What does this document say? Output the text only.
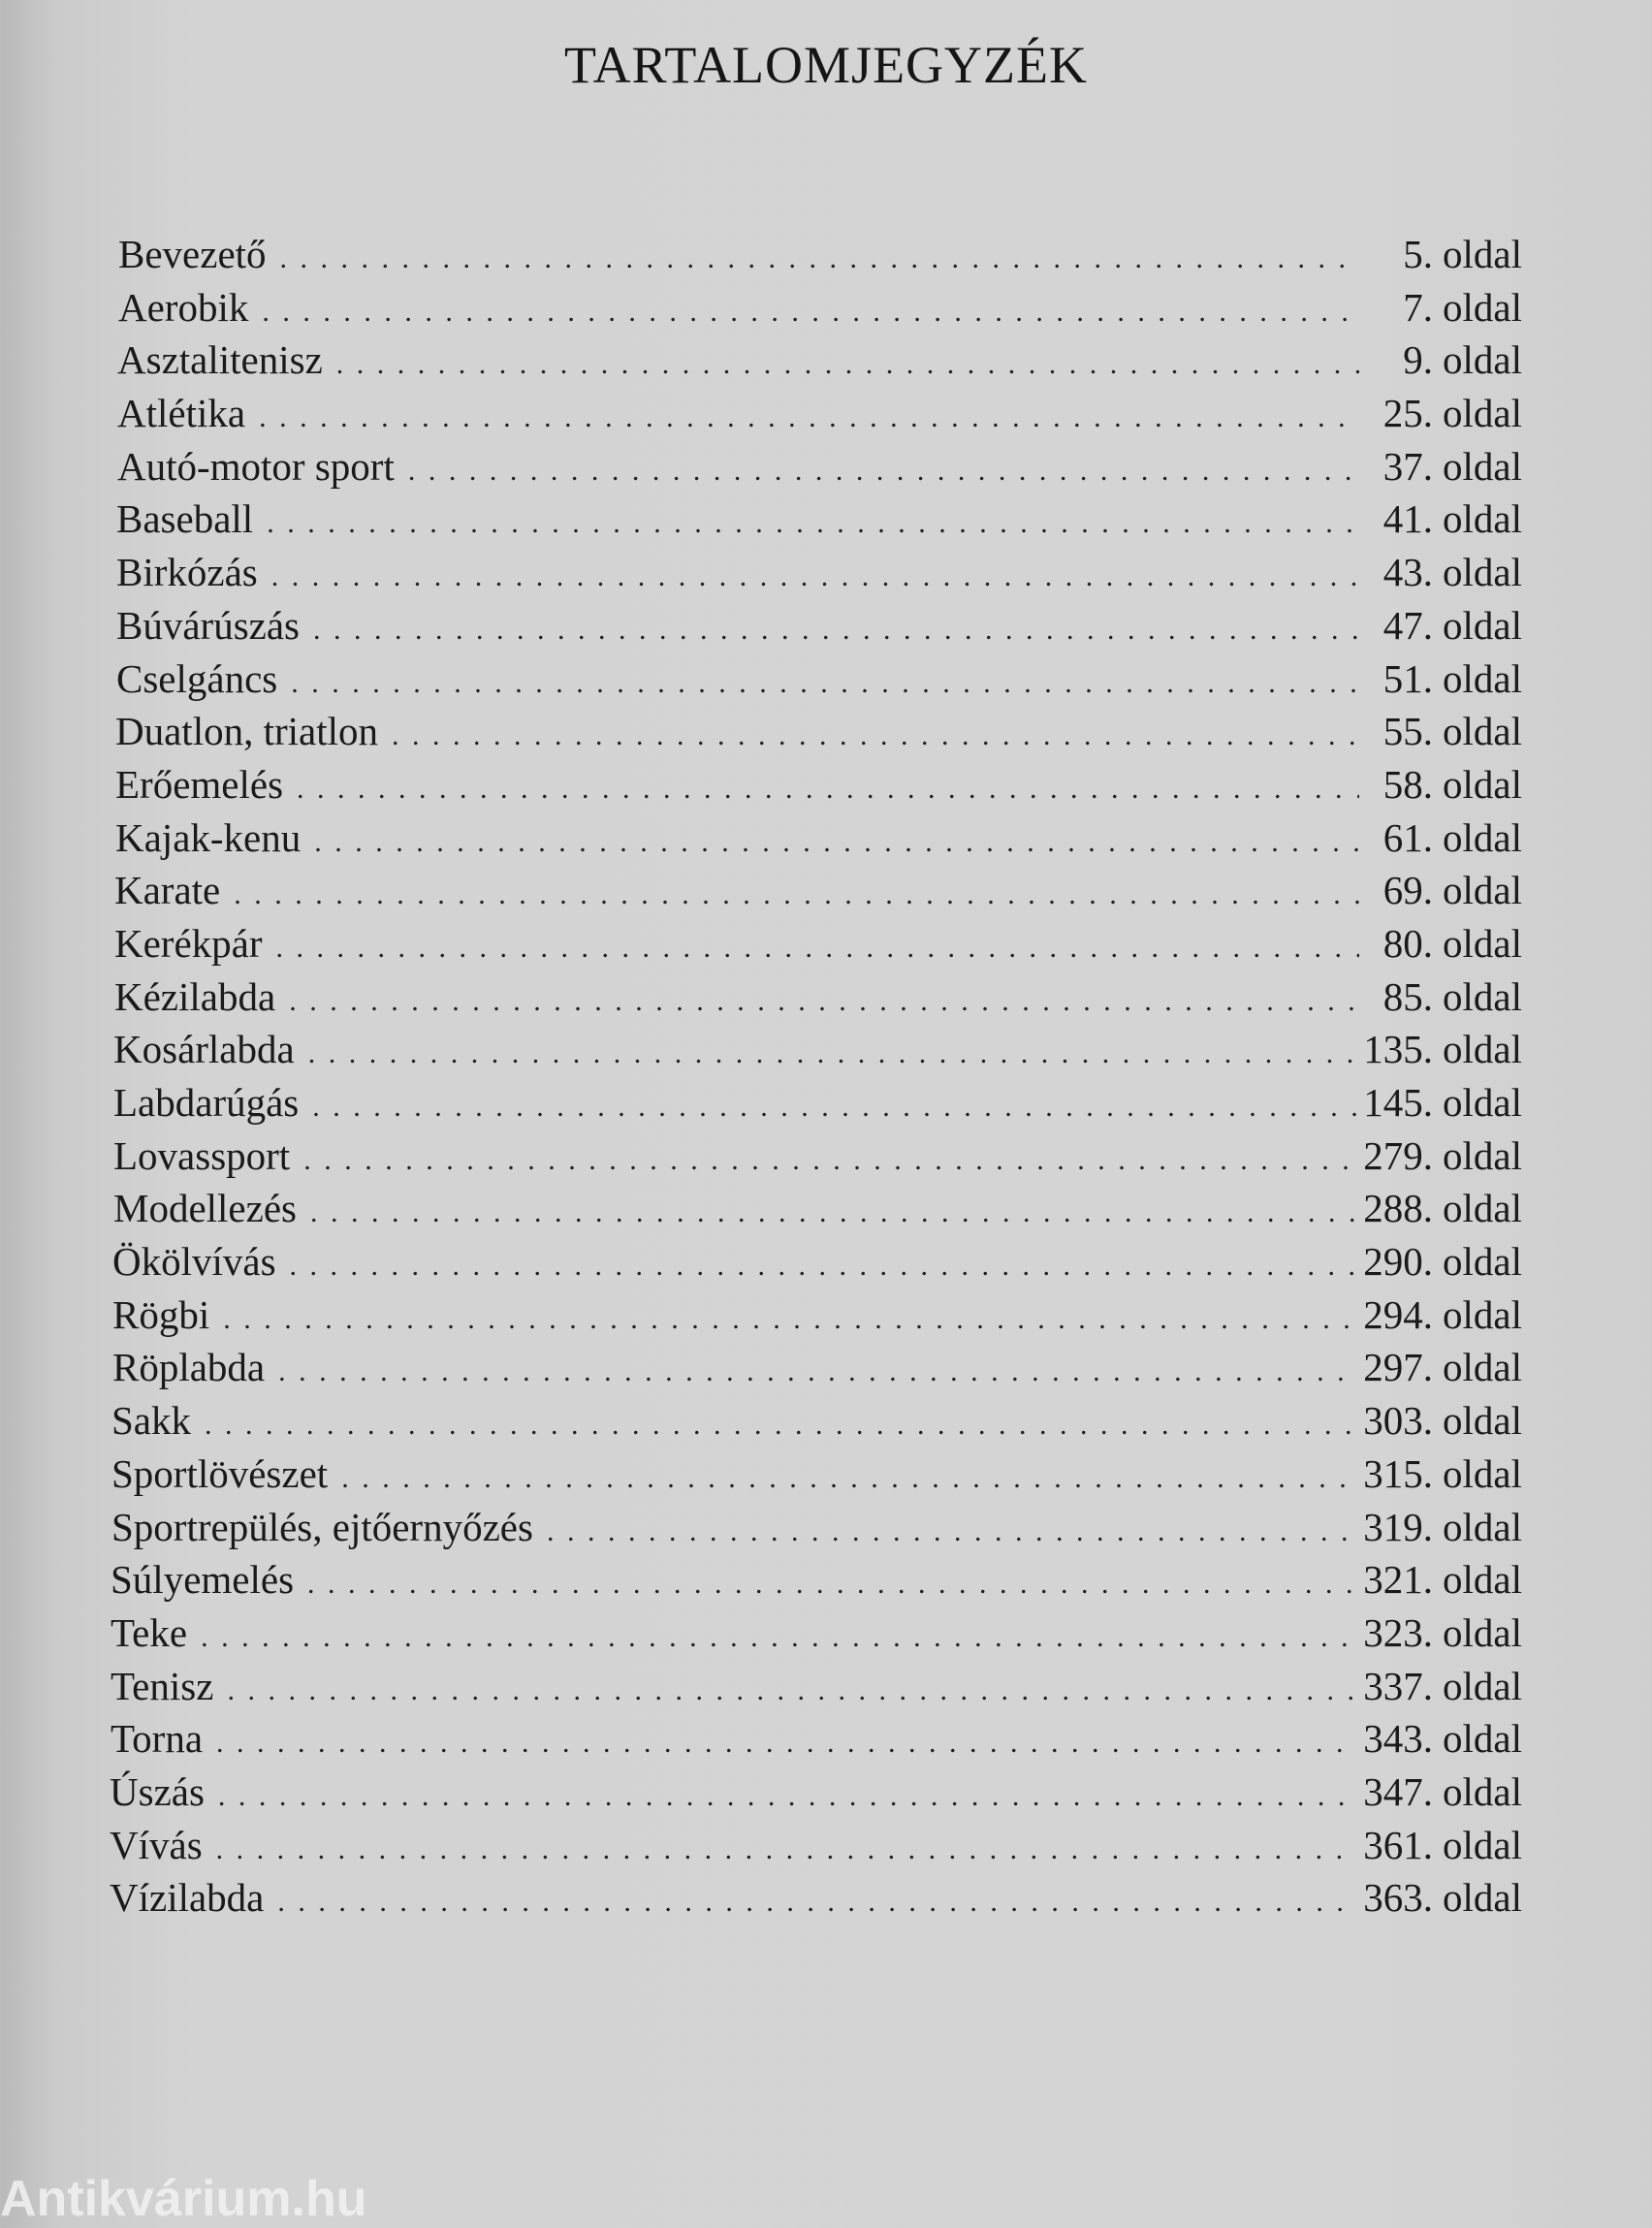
TARTALOMJEGYZÉK
Bevezető . . .	5. oldal
Aerobik . . .	7. oldal
Asztalitenisz . . .	9. oldal
Atlétika . . .	25. oldal
Autó-motor sport . . .	37. oldal
Baseball . . .	41. oldal
Birkózás . . .	43. oldal
Búvárúszás . . .	47. oldal
Cselgáncs . . .	51. oldal
Duatlon, triatlon . . .	55. oldal
Erőemelés . . .	58. oldal
Kajak-kenu . . .	61. oldal
Karate . . .	69. oldal
Kerékpár . . .	80. oldal
Kézilabda . . .	85. oldal
Kosárlabda . . .	135. oldal
Labdarúgás . . .	145. oldal
Lovassport . . .	279. oldal
Modellezés . . .	288. oldal
Ökölvívás . . .	290. oldal
Rögbi . . .	294. oldal
Röplabda . . .	297. oldal
Sakk . . .	303. oldal
Sportlövészet . . .	315. oldal
Sportrepülés, ejtőernyőzés . . .	319. oldal
Súlyemelés . . .	321. oldal
Teke . . .	323. oldal
Tenisz . . .	337. oldal
Torna . . .	343. oldal
Úszás . . .	347. oldal
Vívás . . .	361. oldal
Vízilabda . . .	363. oldal
Antikvárium.hu
